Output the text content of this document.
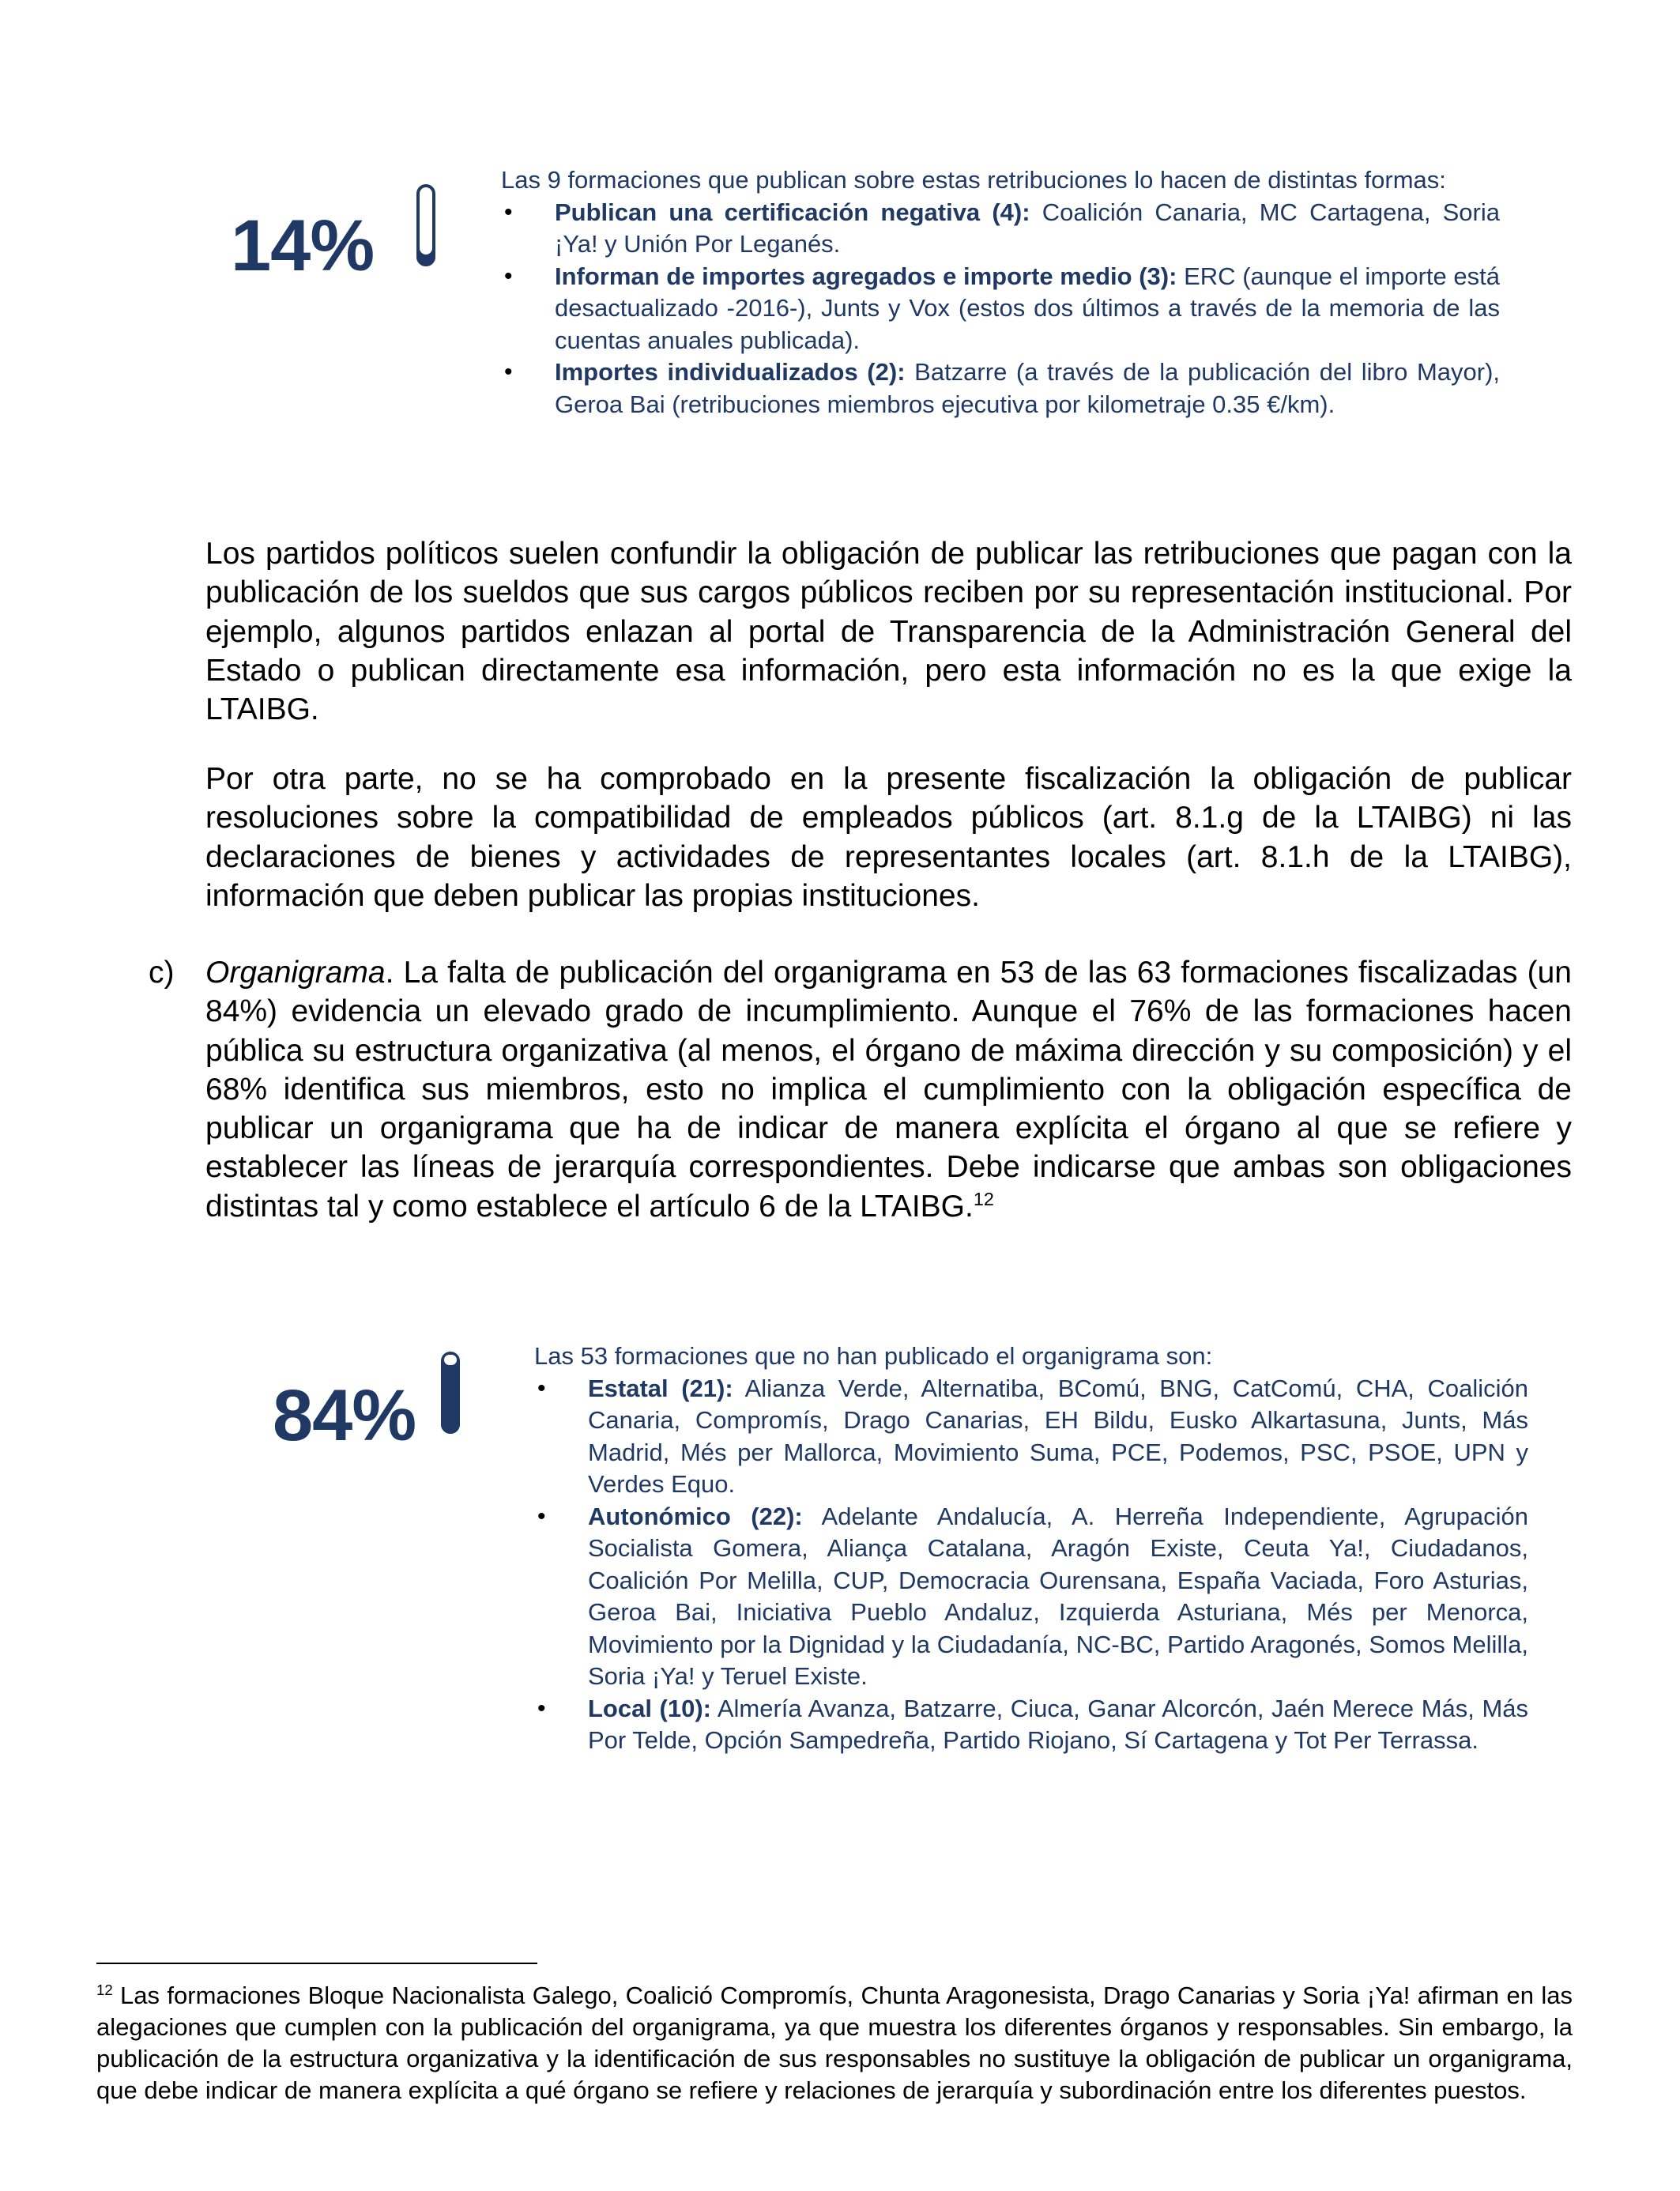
14%

Las 9 formaciones que publican sobre estas retribuciones lo hacen de distintas formas:

• Publican una certificación negativa (4): Coalición Canaria, MC Cartagena, Soria ¡Ya! y Unión Por Leganés.
• Informan de importes agregados e importe medio (3): ERC (aunque el importe está desactualizado -2016-), Junts y Vox (estos dos últimos a través de la memoria de las cuentas anuales publicada).
• Importes individualizados (2): Batzarre (a través de la publicación del libro Mayor), Geroa Bai (retribuciones miembros ejecutiva por kilometraje 0.35 €/km).

Los partidos políticos suelen confundir la obligación de publicar las retribuciones que pagan con la publicación de los sueldos que sus cargos públicos reciben por su representación institucional. Por ejemplo, algunos partidos enlazan al portal de Transparencia de la Administración General del Estado o publican directamente esa información, pero esta información no es la que exige la LTAIBG.

Por otra parte, no se ha comprobado en la presente fiscalización la obligación de publicar resoluciones sobre la compatibilidad de empleados públicos (art. 8.1.g de la LTAIBG) ni las declaraciones de bienes y actividades de representantes locales (art. 8.1.h de la LTAIBG), información que deben publicar las propias instituciones.

c) Organigrama. La falta de publicación del organigrama en 53 de las 63 formaciones fiscalizadas (un 84%) evidencia un elevado grado de incumplimiento. Aunque el 76% de las formaciones hacen pública su estructura organizativa (al menos, el órgano de máxima dirección y su composición) y el 68% identifica sus miembros, esto no implica el cumplimiento con la obligación específica de publicar un organigrama que ha de indicar de manera explícita el órgano al que se refiere y establecer las líneas de jerarquía correspondientes. Debe indicarse que ambas son obligaciones distintas tal y como establece el artículo 6 de la LTAIBG.$^{12}$
84%

Las 53 formaciones que no han publicado el organigrama son:

• Estatal (21): Alianza Verde, Alternatiba, BComú, BNG, CatComú, CHA, Coalición Canaria, Compromís, Drago Canarias, EH Bildu, Eusko Alkartasuna, Junts, Más Madrid, Més per Mallorca, Movimiento Suma, PCE, Podemos, PSC, PSOE, UPN y Verdes Equo.
• Autonómico (22): Adelante Andalucía, A. Herreña Independiente, Agrupación Socialista Gomera, Aliança Catalana, Aragón Existe, Ceuta Ya!, Ciudadanos, Coalición Por Melilla, CUP, Democracia Ourensana, España Vaciada, Foro Asturias, Geroa Bai, Iniciativa Pueblo Andaluz, Izquierda Asturiana, Més per Menorca, Movimiento por la Dignidad y la Ciudadanía, NC-BC, Partido Aragonés, Somos Melilla, Soria ¡Ya! y Teruel Existe.
• Local (10): Almería Avanza, Batzarre, Ciuca, Ganar Alcorcón, Jaén Merece Más, Más Por Telde, Opción Sampedreña, Partido Riojano, Sí Cartagena y Tot Per Terrassa.

$^{12}$ Las formaciones Bloque Nacionalista Galego, Coalició Compromís, Chunta Aragonesista, Drago Canarias y Soria ¡Ya! afirman en las alegaciones que cumplen con la publicación del organigrama, ya que muestra los diferentes órganos y responsables. Sin embargo, la publicación de la estructura organizativa y la identificación de sus responsables no sustituye la obligación de publicar un organigrama, que debe indicar de manera explícita a qué órgano se refiere y relaciones de jerarquía y subordinación entre los diferentes puestos.
